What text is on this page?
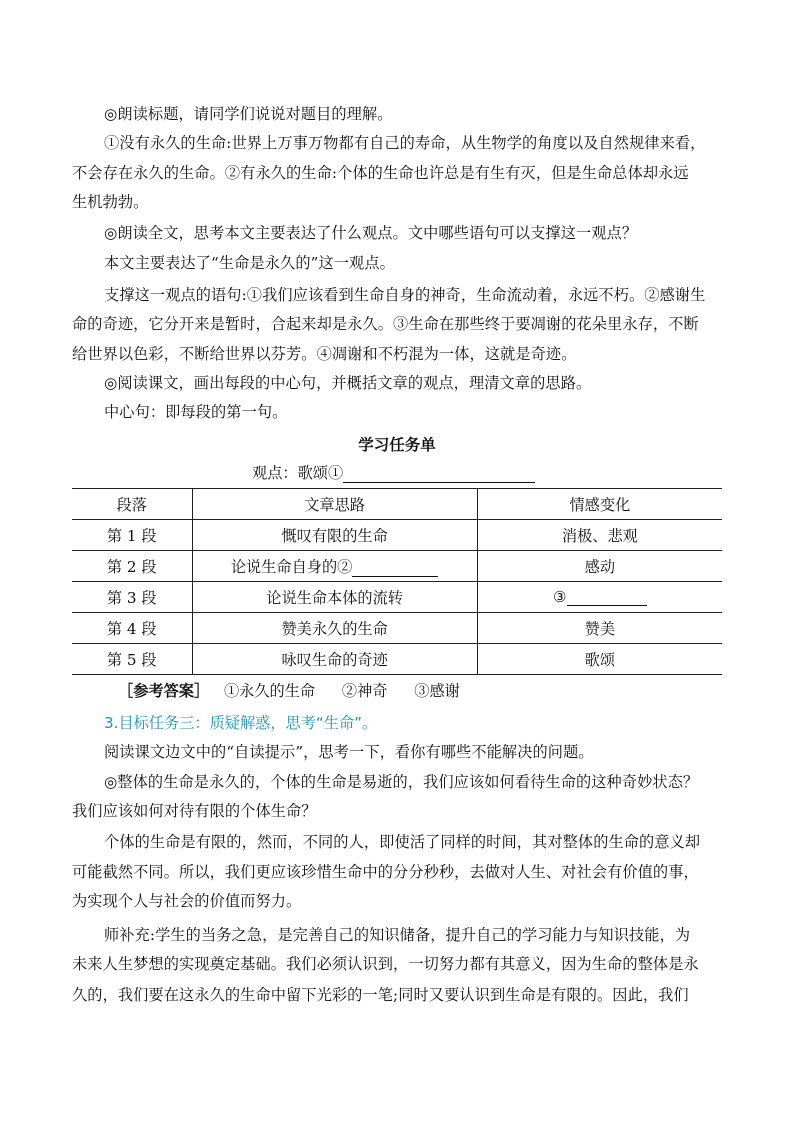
◎朗读标题，请同学们说说对题目的理解。
①没有永久的生命:世界上万事万物都有自己的寿命，从生物学的角度以及自然规律来看，
不会存在永久的生命。②有永久的生命:个体的生命也许总是有生有灭，但是生命总体却永远
生机勃勃。
◎朗读全文，思考本文主要表达了什么观点。文中哪些语句可以支撑这一观点？
本文主要表达了“生命是永久的”这一观点。
支撑这一观点的语句:①我们应该看到生命自身的神奇，生命流动着，永远不朽。②感谢生
命的奇迹，它分开来是暂时，合起来却是永久。③生命在那些终于要凋谢的花朵里永存，不断
给世界以色彩，不断给世界以芬芳。④凋谢和不朽混为一体，这就是奇迹。
◎阅读课文，画出每段的中心句，并概括文章的观点，理清文章的思路。
中心句：即每段的第一句。
学习任务单
观点：歌颂①
段落	文章思路	情感变化
第 1 段	慨叹有限的生命	消极、悲观
第 2 段	论说生命自身的②	感动
第 3 段	论说生命本体的流转	③
第 4 段	赞美永久的生命	赞美
第 5 段	咏叹生命的奇迹	歌颂
［参考答案］ ①永久的生命 ②神奇 ③感谢
3.目标任务三：质疑解惑，思考“生命”。
阅读课文边文中的“自读提示”，思考一下，看你有哪些不能解决的问题。
◎整体的生命是永久的，个体的生命是易逝的，我们应该如何看待生命的这种奇妙状态？
我们应该如何对待有限的个体生命？
个体的生命是有限的，然而，不同的人，即使活了同样的时间，其对整体的生命的意义却
可能截然不同。所以，我们更应该珍惜生命中的分分秒秒，去做对人生、对社会有价值的事，
为实现个人与社会的价值而努力。
师补充:学生的当务之急，是完善自己的知识储备，提升自己的学习能力与知识技能，为
未来人生梦想的实现奠定基础。我们必须认识到，一切努力都有其意义，因为生命的整体是永
久的，我们要在这永久的生命中留下光彩的一笔;同时又要认识到生命是有限的。因此，我们
